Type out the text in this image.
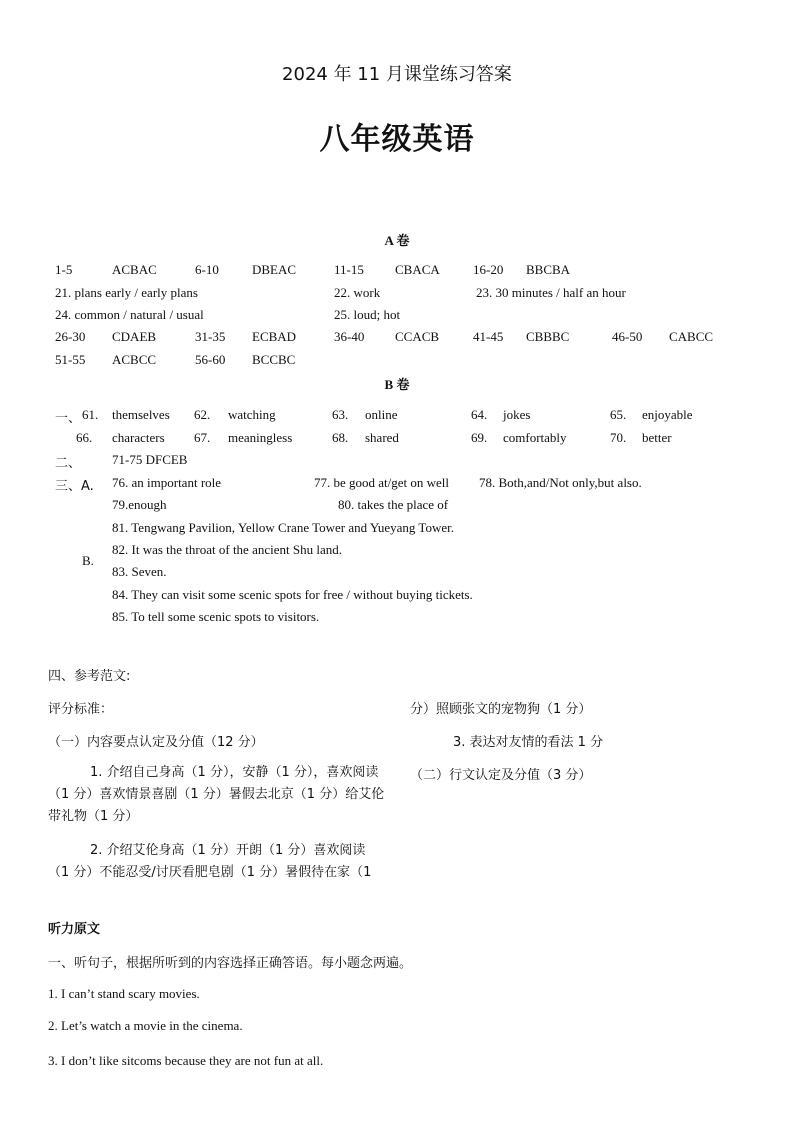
2024 年 11 月课堂练习答案
八年级英语
A 卷
1-5	ACBAC	6-10	DBEAC	11-15 CBACA	16-20 BBCBA
21. plans early / early plans	22. work	23. 30 minutes / half an hour
24. common / natural / usual	25. loud; hot
26-30 CDAEB	31-35 ECBAD	36-40 CCACB	41-45 CBBBC	46-50 CABCC
51-55 ACBCC	56-60 BCCBC
B 卷
一、 61. themselves 62. watching	63. online	64. jokes	65. enjoyable
66. characters 67. meaningless	68. shared	69. comfortably	70. better
二、 71-75 DFCEB
三、A. 76. an important role	77. be good at/get on well 78. Both,and/Not only,but also.
79.enough	80. takes the place of
81. Tengwang Pavilion, Yellow Crane Tower and Yueyang Tower.
82. It was the throat of the ancient Shu land.
B.
83. Seven.
84. They can visit some scenic spots for free / without buying tickets.
85. To tell some scenic spots to visitors.
四、参考范文:
评分标准：
（一）内容要点认定及分值（12 分）
1. 介绍自己身高（1 分），安静（1 分），喜欢阅读（1 分）喜欢情景喜剧（1 分）暑假去北京（1 分）给艾伦带礼物（1 分）
2. 介绍艾伦身高（1 分）开朗（1 分）喜欢阅读（1 分）不能忍受/讨厌看肥皂剧（1 分）暑假待在家（1
分）照顾张文的宠物狗（1 分）
3. 表达对友情的看法 1 分
（二）行文认定及分值（3 分）
听力原文
一、听句子，根据所听到的内容选择正确答语。每小题念两遍。
1. I can’t stand scary movies.
2. Let’s watch a movie in the cinema.
3. I don’t like sitcoms because they are not fun at all.
